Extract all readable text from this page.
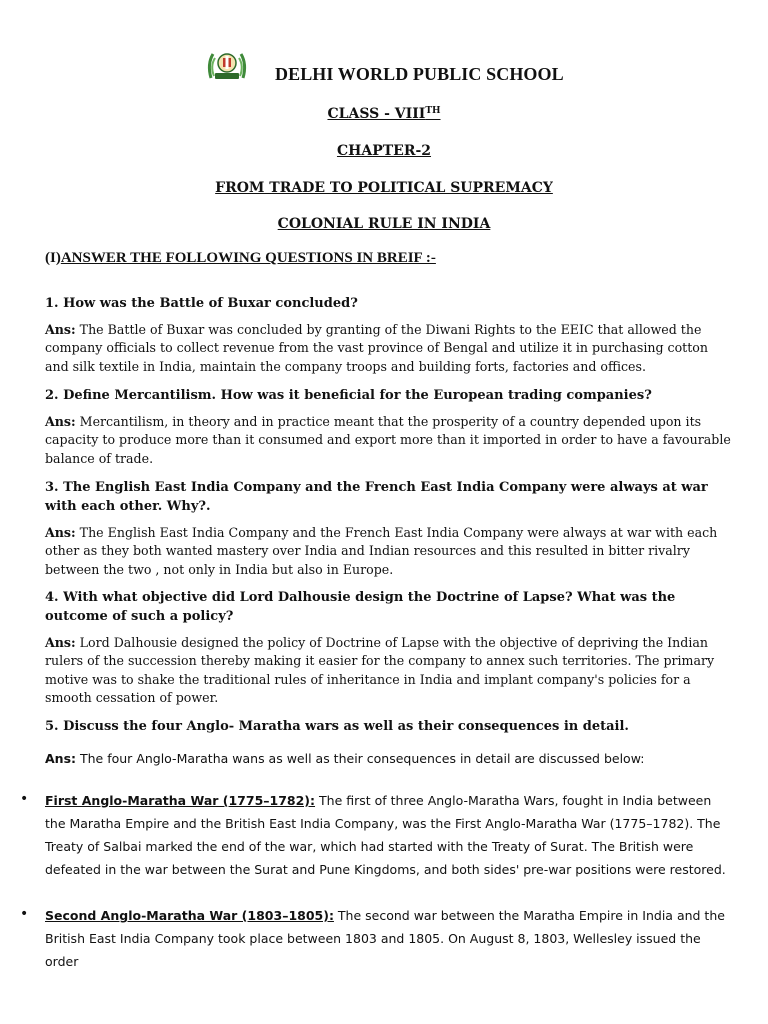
DELHI WORLD PUBLIC SCHOOL
CLASS - VIIITH
CHAPTER-2
FROM TRADE TO POLITICAL SUPREMACY
COLONIAL RULE IN INDIA
(I)ANSWER THE FOLLOWING QUESTIONS IN BREIF :-
1. How was the Battle of Buxar concluded?
Ans: The Battle of Buxar was concluded by granting of the Diwani Rights to the EEIC that allowed the company officials to collect revenue from the vast province of Bengal and utilize it in purchasing cotton and silk textile in India, maintain the company troops and building forts, factories and offices.
2. Define Mercantilism. How was it beneficial for the European trading companies?
Ans: Mercantilism, in theory and in practice meant that the prosperity of a country depended upon its capacity to produce more than it consumed and export more than it imported in order to have a favourable balance of trade.
3. The English East India Company and the French East India Company were always at war with each other. Why?.
Ans: The English East India Company and the French East India Company were always at war with each other as they both wanted mastery over India and Indian resources and this resulted in bitter rivalry between the two , not only in India but also in Europe.
4. With what objective did Lord Dalhousie design the Doctrine of Lapse? What was the outcome of such a policy?
Ans: Lord Dalhousie designed the policy of Doctrine of Lapse with the objective of depriving the Indian rulers of the succession thereby making it easier for the company to annex such territories. The primary motive was to shake the traditional rules of inheritance in India and implant company's policies for a smooth cessation of power.
5. Discuss the four Anglo- Maratha wars as well as their consequences in detail.
Ans: The four Anglo-Maratha wans as well as their consequences in detail are discussed below:
• First Anglo-Maratha War (1775–1782): The first of three Anglo-Maratha Wars, fought in India between the Maratha Empire and the British East India Company, was the First Anglo-Maratha War (1775–1782). The Treaty of Salbai marked the end of the war, which had started with the Treaty of Surat. The British were defeated in the war between the Surat and Pune Kingdoms, and both sides' pre-war positions were restored.
• Second Anglo-Maratha War (1803–1805): The second war between the Maratha Empire in India and the British East India Company took place between 1803 and 1805. On August 8, 1803, Wellesley issued the order
